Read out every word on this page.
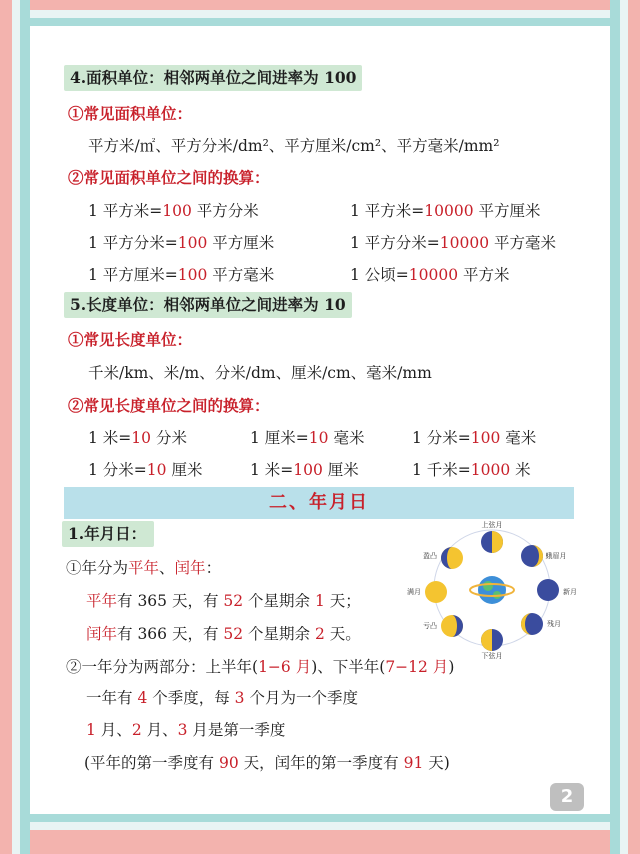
4.面积单位：相邻两单位之间进率为 100
①常见面积单位：
平方米/㎡、平方分米/dm²、平方厘米/cm²、平方毫米/mm²
②常见面积单位之间的换算：
1 平方米=100 平方分米	1 平方米=10000 平方厘米
1 平方分米=100 平方厘米	1 平方分米=10000 平方毫米
1 平方厘米=100 平方毫米	1 公顷=10000 平方米
5.长度单位：相邻两单位之间进率为 10
①常见长度单位：
千米/km、米/m、分米/dm、厘米/cm、毫米/mm
②常见长度单位之间的换算：
1 米=10 分米	1 厘米=10 毫米	1 分米=100 毫米
1 分米=10 厘米	1 米=100 厘米	1 千米=1000 米
二、年月日
1.年月日：
①年分为平年、闰年：
平年有 365 天，有 52 个星期余 1 天；
闰年有 366 天，有 52 个星期余 2 天。
②一年分为两部分：上半年(1−6 月)、下半年(7−12 月)
一年有 4 个季度，每 3 个月为一个季度
1 月、2 月、3 月是第一季度
(平年的第一季度有 90 天，闰年的第一季度有 91 天)
上弦月
盈凸
满月
亏凸
下弦月
残月
新月
蛾眉月
2
